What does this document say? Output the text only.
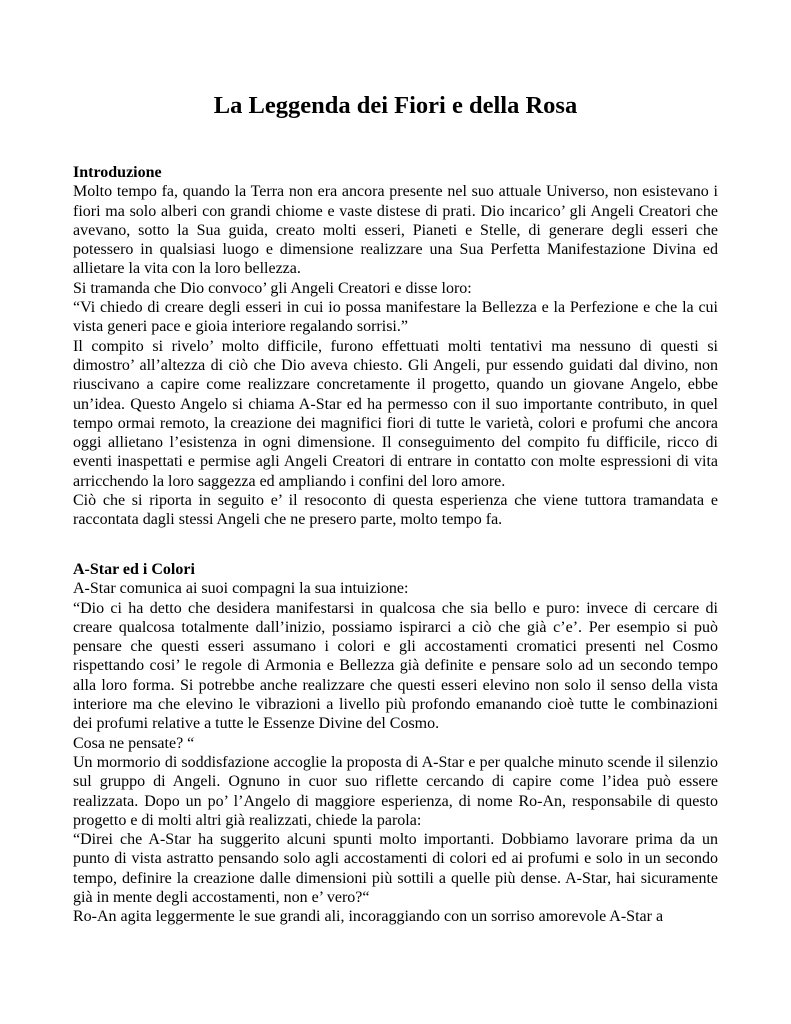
La Leggenda dei Fiori e della Rosa

Introduzione

Molto tempo fa, quando la Terra non era ancora presente nel suo attuale Universo, non esistevano i fiori ma solo alberi con grandi chiome e vaste distese di prati. Dio incarico’ gli Angeli Creatori che avevano, sotto la Sua guida, creato molti esseri, Pianeti e Stelle, di generare degli esseri che potessero in qualsiasi luogo e dimensione realizzare una Sua Perfetta Manifestazione Divina ed allietare la vita con la loro bellezza.

Si tramanda che Dio convoco’ gli Angeli Creatori e disse loro:

“Vi chiedo di creare degli esseri in cui io possa manifestare la Bellezza e la Perfezione e che la cui vista generi pace e gioia interiore regalando sorrisi.”

Il compito si rivelo’ molto difficile, furono effettuati molti tentativi ma nessuno di questi si dimostro’ all’altezza di ciò che Dio aveva chiesto. Gli Angeli, pur essendo guidati dal divino, non riuscivano a capire come realizzare concretamente il progetto, quando un giovane Angelo, ebbe un’idea. Questo Angelo si chiama A-Star ed ha permesso con il suo importante contributo, in quel tempo ormai remoto, la creazione dei magnifici fiori di tutte le varietà, colori e profumi che ancora oggi allietano l’esistenza in ogni dimensione. Il conseguimento del compito fu difficile, ricco di eventi inaspettati e permise agli Angeli Creatori di entrare in contatto con molte espressioni di vita arricchendo la loro saggezza ed ampliando i confini del loro amore.

Ciò che si riporta in seguito e’ il resoconto di questa esperienza che viene tuttora tramandata e raccontata dagli stessi Angeli che ne presero parte, molto tempo fa.

A-Star ed i Colori

A-Star comunica ai suoi compagni la sua intuizione:

“Dio ci ha detto che desidera manifestarsi in qualcosa che sia bello e puro: invece di cercare di creare qualcosa totalmente dall’inizio, possiamo ispirarci a ciò che già c’e’. Per esempio si può pensare che questi esseri assumano i colori e gli accostamenti cromatici presenti nel Cosmo rispettando cosi’ le regole di Armonia e Bellezza già definite e pensare solo ad un secondo tempo alla loro forma. Si potrebbe anche realizzare che questi esseri elevino non solo il senso della vista interiore ma che elevino le vibrazioni a livello più profondo emanando cioè tutte le combinazioni dei profumi relative a tutte le Essenze Divine del Cosmo.

Cosa ne pensate? “

Un mormorio di soddisfazione accoglie la proposta di A-Star e per qualche minuto scende il silenzio sul gruppo di Angeli. Ognuno in cuor suo riflette cercando di capire come l’idea può essere realizzata. Dopo un po’ l’Angelo di maggiore esperienza, di nome Ro-An, responsabile di questo progetto e di molti altri già realizzati, chiede la parola:

“Direi che A-Star ha suggerito alcuni spunti molto importanti. Dobbiamo lavorare prima da un punto di vista astratto pensando solo agli accostamenti di colori ed ai profumi e solo in un secondo tempo, definire la creazione dalle dimensioni più sottili a quelle più dense. A-Star, hai sicuramente già in mente degli accostamenti, non e’ vero?“

Ro-An agita leggermente le sue grandi ali, incoraggiando con un sorriso amorevole A-Star a
